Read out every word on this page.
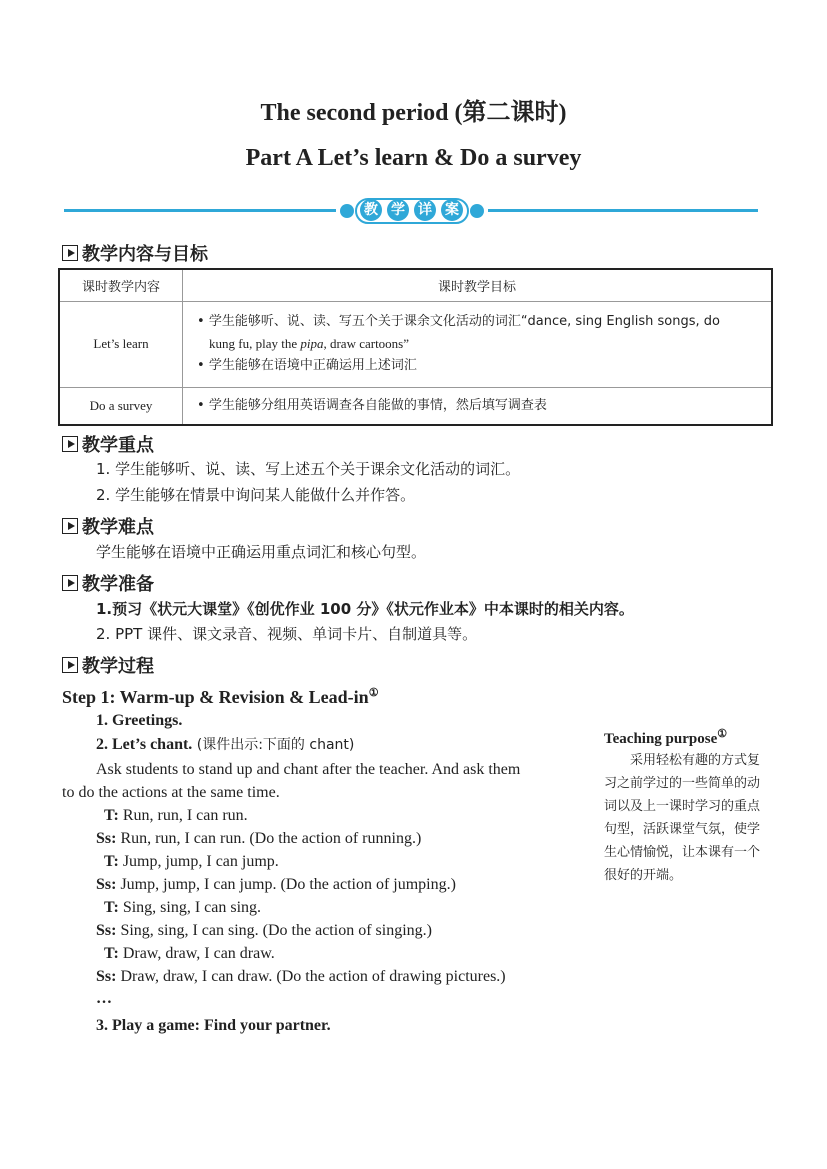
The second period (第二课时)
Part A Let’s learn & Do a survey
教 学 详 案
教学内容与目标
课时教学内容	课时教学目标
Let’s learn	• 学生能够听、说、读、写五个关于课余文化活动的词汇“dance, sing English songs, do
kung fu, play the pipa, draw cartoons”
• 学生能够在语境中正确运用上述词汇

Do a survey	• 学生能够分组用英语调查各自能做的事情，然后填写调查表
教学重点
1. 学生能够听、说、读、写上述五个关于课余文化活动的词汇。
2. 学生能够在情景中询问某人能做什么并作答。
教学难点
学生能够在语境中正确运用重点词汇和核心句型。
教学准备
1.预习《状元大课堂》《创优作业 100 分》《状元作业本》中本课时的相关内容。
2. PPT 课件、课文录音、视频、单词卡片、自制道具等。
教学过程
Step 1: Warm-up & Revision & Lead-in①
1. Greetings.
2. Let’s chant. (课件出示:下面的 chant)
Ask students to stand up and chant after the teacher. And ask them
to do the actions at the same time.
T: Run, run, I can run.
Ss: Run, run, I can run. (Do the action of running.)
T: Jump, jump, I can jump.
Ss: Jump, jump, I can jump. (Do the action of jumping.)
T: Sing, sing, I can sing.
Ss: Sing, sing, I can sing. (Do the action of singing.)
T: Draw, draw, I can draw.
Ss: Draw, draw, I can draw. (Do the action of drawing pictures.)
…
3. Play a game: Find your partner.
Teaching purpose①
采用轻松有趣的方式复
习之前学过的一些简单的动
词以及上一课时学习的重点
句型，活跃课堂气氛，使学
生心情愉悦，让本课有一个
很好的开端。
